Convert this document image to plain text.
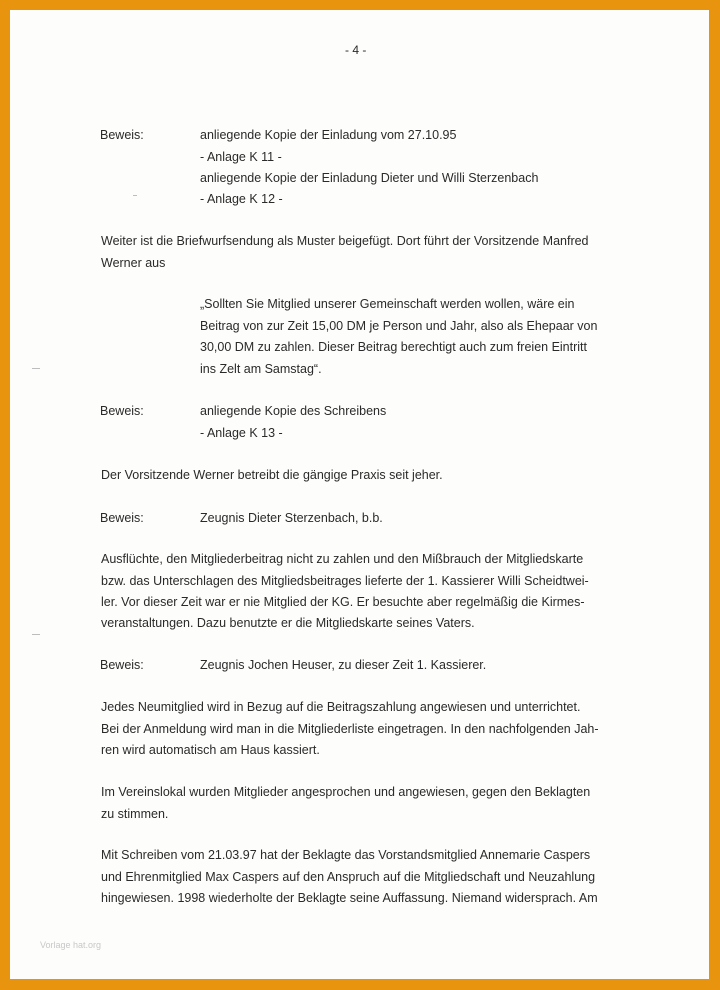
- 4 -
Beweis:	anliegende Kopie der Einladung vom 27.10.95
- Anlage K 11 -
anliegende Kopie der Einladung Dieter und Willi Sterzenbach
- Anlage K 12 -
Weiter ist die Briefwurfsendung als Muster beigefügt. Dort führt der Vorsitzende Manfred
Werner aus
„Sollten Sie Mitglied unserer Gemeinschaft werden wollen, wäre ein
Beitrag von zur Zeit 15,00 DM je Person und Jahr, also als Ehepaar von
30,00 DM zu zahlen. Dieser Beitrag berechtigt auch zum freien Eintritt
ins Zelt am Samstag“.
Beweis:	anliegende Kopie des Schreibens
- Anlage K 13 -
Der Vorsitzende Werner betreibt die gängige Praxis seit jeher.
Beweis:	Zeugnis Dieter Sterzenbach, b.b.
Ausflüchte, den Mitgliederbeitrag nicht zu zahlen und den Mißbrauch der Mitgliedskarte
bzw. das Unterschlagen des Mitgliedsbeitrages lieferte der 1. Kassierer Willi Scheidtwei-
ler. Vor dieser Zeit war er nie Mitglied der KG. Er besuchte aber regelmäßig die Kirmes-
veranstaltungen. Dazu benutzte er die Mitgliedskarte seines Vaters.
Beweis:	Zeugnis Jochen Heuser, zu dieser Zeit 1. Kassierer.
Jedes Neumitglied wird in Bezug auf die Beitragszahlung angewiesen und unterrichtet.
Bei der Anmeldung wird man in die Mitgliederliste eingetragen. In den nachfolgenden Jah-
ren wird automatisch am Haus kassiert.
Im Vereinslokal wurden Mitglieder angesprochen und angewiesen, gegen den Beklagten
zu stimmen.
Mit Schreiben vom 21.03.97 hat der Beklagte das Vorstandsmitglied Annemarie Caspers
und Ehrenmitglied Max Caspers auf den Anspruch auf die Mitgliedschaft und Neuzahlung
hingewiesen. 1998 wiederholte der Beklagte seine Auffassung. Niemand widersprach. Am
Vorlage hat.org
